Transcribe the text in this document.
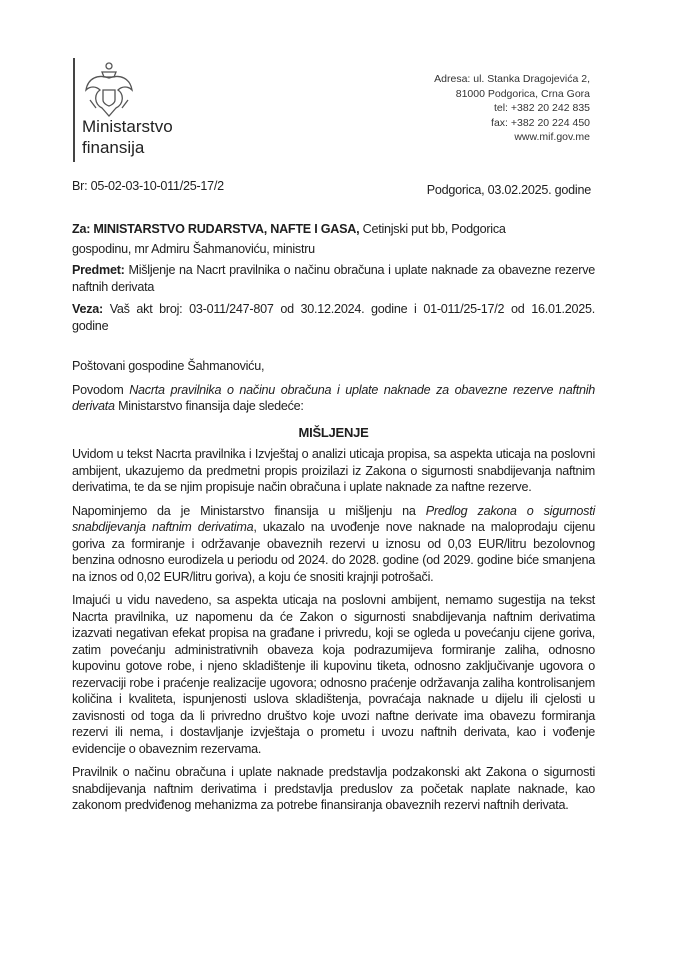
Ministarstvo
finansija
Adresa: ul. Stanka Dragojevića 2,
81000 Podgorica, Crna Gora
tel: +382 20 242 835
fax: +382 20 224 450
www.mif.gov.me
Br: 05-02-03-10-011/25-17/2	Podgorica, 03.02.2025. godine
Za: MINISTARSTVO RUDARSTVA, NAFTE I GASA, Cetinjski put bb, Podgorica
gospodinu, mr Admiru Šahmanoviću, ministru

Predmet: Mišljenje na Nacrt pravilnika o načinu obračuna i uplate naknade za obavezne rezerve naftnih derivata

Veza: Vaš akt broj: 03-011/247-807 od 30.12.2024. godine i 01-011/25-17/2 od 16.01.2025. godine

Poštovani gospodine Šahmanoviću,

Povodom Nacrta pravilnika o načinu obračuna i uplate naknade za obavezne rezerve naftnih derivata Ministarstvo finansija daje sledeće:

MIŠLJENJE

Uvidom u tekst Nacrta pravilnika i Izvještaj o analizi uticaja propisa, sa aspekta uticaja na poslovni ambijent, ukazujemo da predmetni propis proizilazi iz Zakona o sigurnosti snabdijevanja naftnim derivatima, te da se njim propisuje način obračuna i uplate naknade za naftne rezerve.

Napominjemo da je Ministarstvo finansija u mišljenju na Predlog zakona o sigurnosti snabdijevanja naftnim derivatima, ukazalo na uvođenje nove naknade na maloprodaju cijenu goriva za formiranje i održavanje obaveznih rezervi u iznosu od 0,03 EUR/litru bezolovnog benzina odnosno eurodizela u periodu od 2024. do 2028. godine (od 2029. godine biće smanjena na iznos od 0,02 EUR/litru goriva), a koju će snositi krajnji potrošači.

Imajući u vidu navedeno, sa aspekta uticaja na poslovni ambijent, nemamo sugestija na tekst Nacrta pravilnika, uz napomenu da će Zakon o sigurnosti snabdijevanja naftnim derivatima izazvati negativan efekat propisa na građane i privredu, koji se ogleda u povećanju cijene goriva, zatim povećanju administrativnih obaveza koja podrazumijeva formiranje zaliha, odnosno kupovinu gotove robe, i njeno skladištenje ili kupovinu tiketa, odnosno zaključivanje ugovora o rezervaciji robe i praćenje realizacije ugovora; odnosno praćenje održavanja zaliha kontrolisanjem količina i kvaliteta, ispunjenosti uslova skladištenja, povraćaja naknade u dijelu ili cjelosti u zavisnosti od toga da li privredno društvo koje uvozi naftne derivate ima obavezu formiranja rezervi ili nema, i dostavljanje izvještaja o prometu i uvozu naftnih derivata, kao i vođenje evidencije o obaveznim rezervama.

Pravilnik o načinu obračuna i uplate naknade predstavlja podzakonski akt Zakona o sigurnosti snabdijevanja naftnim derivatima i predstavlja preduslov za početak naplate naknade, kao zakonom predviđenog mehanizma za potrebe finansiranja obaveznih rezervi naftnih derivata.
